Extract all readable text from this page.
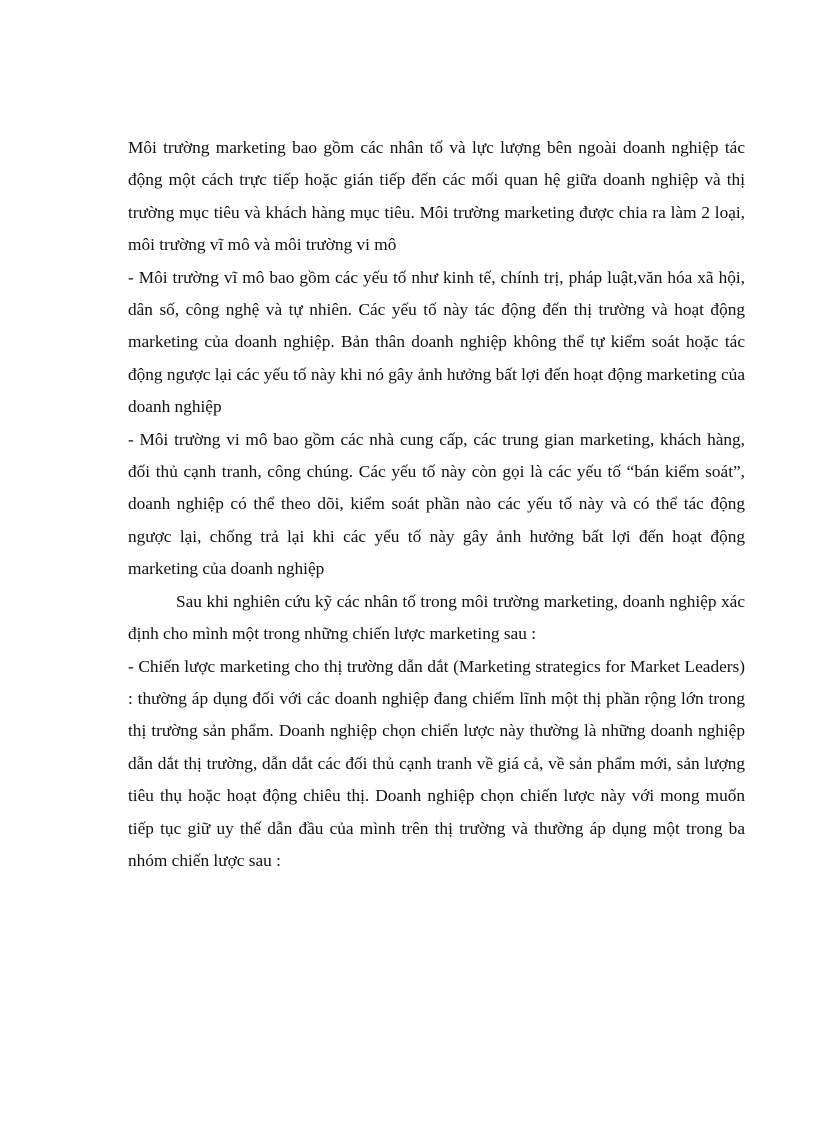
Môi trường marketing bao gồm các nhân tố và lực lượng bên ngoài doanh nghiệp tác động một cách trực tiếp hoặc gián tiếp đến các mối quan hệ giữa doanh nghiệp và thị trường mục tiêu và khách hàng mục tiêu. Môi trường marketing được chia ra làm 2 loại, môi trường vĩ mô và môi trường vi mô

- Môi trường vĩ mô bao gồm các yếu tố như kinh tế, chính trị, pháp luật,văn hóa xã hội, dân số, công nghệ và tự nhiên. Các yếu tố này tác động đến thị trường và hoạt động marketing của doanh nghiệp. Bản thân doanh nghiệp không thể tự kiểm soát hoặc tác động ngược lại các yếu tố này khi nó gây ảnh hưởng bất lợi đến hoạt động marketing của doanh nghiệp

- Môi trường vi mô bao gồm các nhà cung cấp, các trung gian marketing, khách hàng, đối thủ cạnh tranh, công chúng. Các yếu tố này còn gọi là các yếu tố “bán kiểm soát”, doanh nghiệp có thể theo dõi, kiểm soát phần nào các yếu tố này và có thể tác động ngược lại, chống trả lại khi các yếu tố này gây ảnh hưởng bất lợi đến hoạt động marketing của doanh nghiệp

Sau khi nghiên cứu kỹ các nhân tố trong môi trường marketing, doanh nghiệp xác định cho mình một trong những chiến lược marketing sau :

- Chiến lược marketing cho thị trường dẫn dắt (Marketing strategics for Market Leaders) : thường áp dụng đối với các doanh nghiệp đang chiếm lĩnh một thị phần rộng lớn trong thị trường sản phẩm. Doanh nghiệp chọn chiến lược này thường là những doanh nghiệp dẫn dắt thị trường, dẫn dắt các đối thủ cạnh tranh về giá cả, về sản phẩm mới, sản lượng tiêu thụ hoặc hoạt động chiêu thị. Doanh nghiệp chọn chiến lược này với mong muốn tiếp tục giữ uy thế dẫn đầu của mình trên thị trường và thường áp dụng một trong ba nhóm chiến lược sau :
